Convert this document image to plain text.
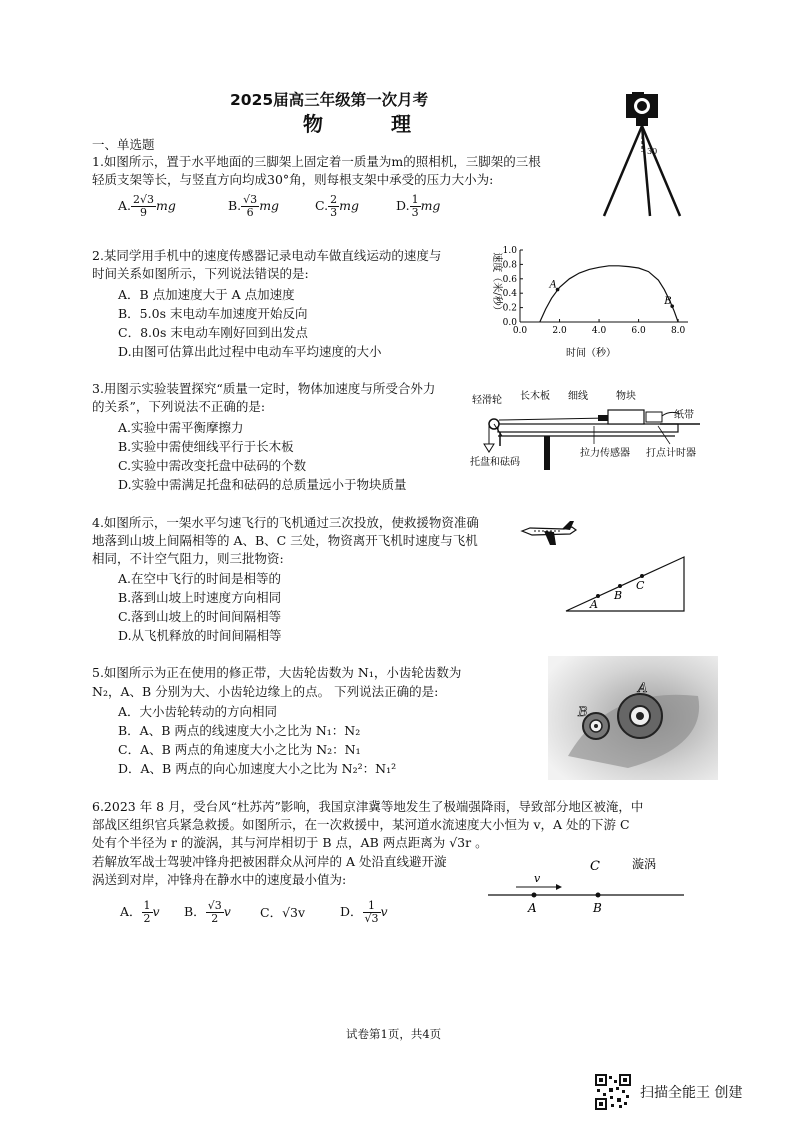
2025届高三年级第一次月考
物　理
一、单选题	30
1.如图所示，置于水平地面的三脚架上固定着一质量为m的照相机，三脚架的三根
轻质支架等长，与竖直方向均成30°角，则每根支架中承受的压力大小为:
A. $\frac{2√3}{9}$ mg	B. $\frac{√3}{6}$ mg	C. $\frac{2}{3}$ mg	D. $\frac{1}{3}$ mg
2.某同学用手机中的速度传感器记录电动车做直线运动的速度与
时间关系如图所示，下列说法错误的是:
A．B 点加速度大于 A 点加速度
B．5.0s 末电动车加速度开始反向
C．8.0s 末电动车刚好回到出发点
D.由图可估算出此过程中电动车平均速度的大小
0.0	2.0	4.0	6.0	8.0
0.0
0.2
0.4
0.6
0.8
1.0
A
B
时间（秒）
速度（米/秒）
轻滑轮 长木板 细线	物块
纸带
托盘和砝码
拉力传感器 打点计时器
3.用图示实验装置探究“质量一定时，物体加速度与所受合外力
的关系”，下列说法不正确的是:
A.实验中需平衡摩擦力
B.实验中需使细线平行于长木板
C.实验中需改变托盘中砝码的个数
D.实验中需满足托盘和砝码的总质量远小于物块质量
4.如图所示，一架水平匀速飞行的飞机通过三次投放，使救援物资准确
地落到山坡上间隔相等的 A、B、C 三处，物资离开飞机时速度与飞机
相同，不计空气阻力，则三批物资:
A.在空中飞行的时间是相等的
B.落到山坡上时速度方向相同
C.落到山坡上的时间间隔相等
D.从飞机释放的时间间隔相等
A
B
C
5.如图所示为正在使用的修正带，大齿轮齿数为 N₁，小齿轮齿数为
N₂，A、B 分别为大、小齿轮边缘上的点。 下列说法正确的是:
A．大小齿轮转动的方向相同
B．A、B 两点的线速度大小之比为 N₁：N₂
C．A、B 两点的角速度大小之比为 N₂：N₁
D．A、B 两点的向心加速度大小之比为 N₂²：N₁²
A
B
6.2023 年 8 月，受台风“杜苏芮”影响，我国京津冀等地发生了极端强降雨，导致部分地区被淹，中
部战区组织官兵紧急救援。如图所示，在一次救援中，某河道水流速度大小恒为 v，A 处的下游 C
处有个半径为 r 的漩涡，其与河岸相切于 B 点，AB 两点距离为 √3r 。
若解放军战士驾驶冲锋舟把被困群众从河岸的 A 处沿直线避开漩
涡送到对岸，冲锋舟在静水中的速度最小值为:
A． $\frac{1}{2}$ v B． $\frac{√3}{2}$ v C．√3v	D． $\frac{1}{√3}$ v
C	漩涡
v
A	B
试卷第1页，共4页
扫描全能王 创建
